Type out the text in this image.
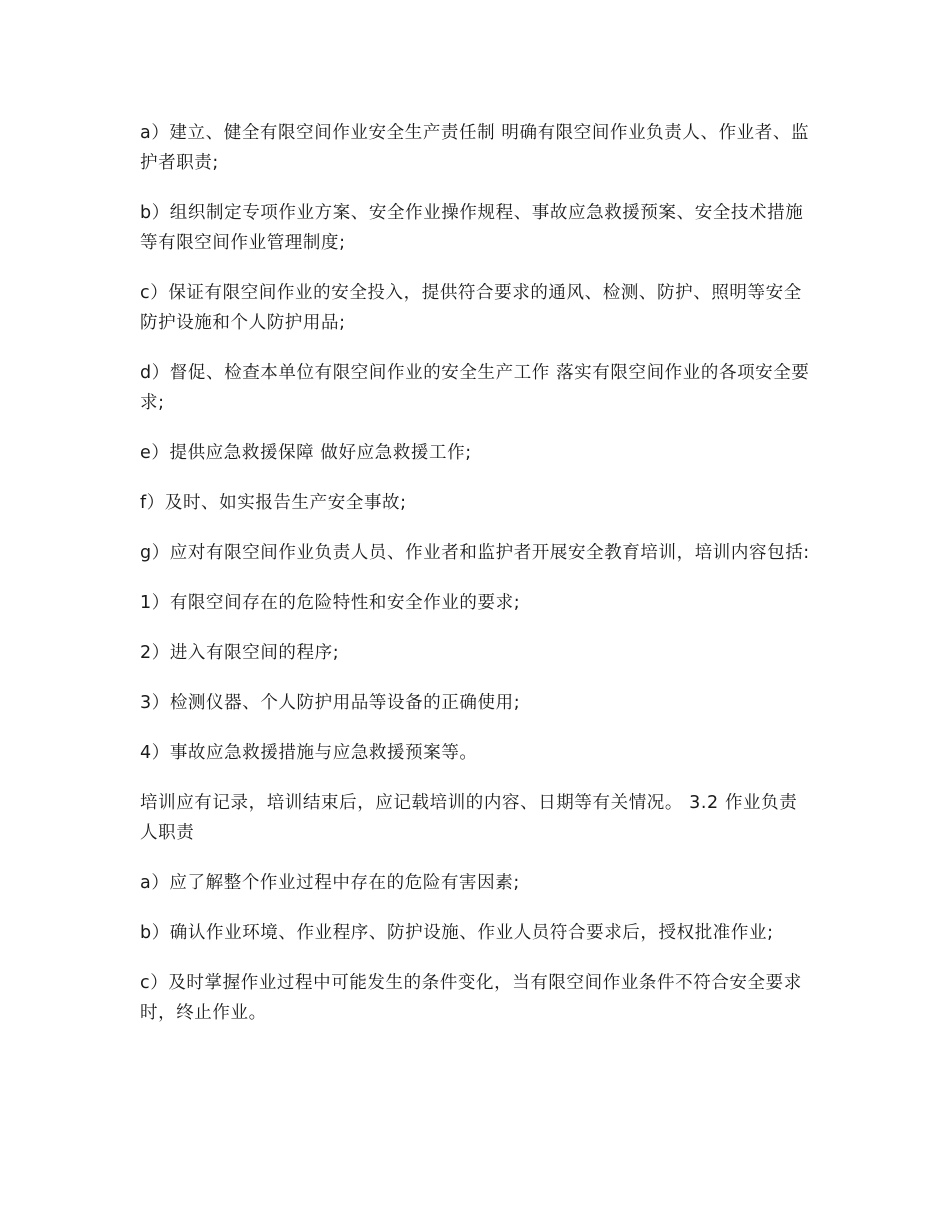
a）建立、健全有限空间作业安全生产责任制 明确有限空间作业负责人、作业者、监护者职责;

b）组织制定专项作业方案、安全作业操作规程、事故应急救援预案、安全技术措施等有限空间作业管理制度;

c）保证有限空间作业的安全投入，提供符合要求的通风、检测、防护、照明等安全防护设施和个人防护用品;

d）督促、检查本单位有限空间作业的安全生产工作 落实有限空间作业的各项安全要求;

e）提供应急救援保障 做好应急救援工作;

f）及时、如实报告生产安全事故;

g）应对有限空间作业负责人员、作业者和监护者开展安全教育培训，培训内容包括:

1）有限空间存在的危险特性和安全作业的要求;

2）进入有限空间的程序;

3）检测仪器、个人防护用品等设备的正确使用;

4）事故应急救援措施与应急救援预案等。

培训应有记录，培训结束后，应记载培训的内容、日期等有关情况。 3.2 作业负责人职责

a）应了解整个作业过程中存在的危险有害因素;

b）确认作业环境、作业程序、防护设施、作业人员符合要求后，授权批准作业;

c）及时掌握作业过程中可能发生的条件变化，当有限空间作业条件不符合安全要求时，终止作业。
